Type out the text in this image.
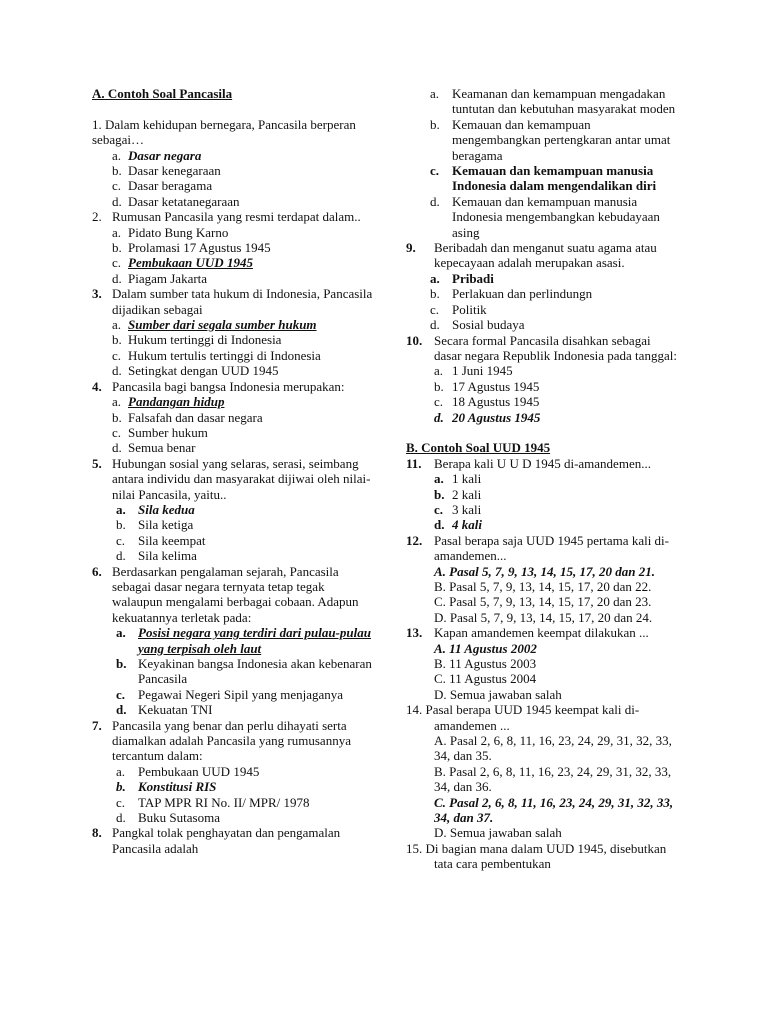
A. Contoh Soal Pancasila
1. Dalam kehidupan bernegara, Pancasila berperan sebagai…
a. Dasar negara
b. Dasar kenegaraan
c. Dasar beragama
d. Dasar ketatanegaraan
2. Rumusan Pancasila yang resmi terdapat dalam..
a. Pidato Bung Karno
b. Prolamasi 17 Agustus 1945
c. Pembukaan UUD 1945
d. Piagam Jakarta
3. Dalam sumber tata hukum di Indonesia, Pancasila dijadikan sebagai
a. Sumber dari segala sumber hukum
b. Hukum tertinggi di Indonesia
c. Hukum tertulis tertinggi di Indonesia
d. Setingkat dengan UUD 1945
4. Pancasila bagi bangsa Indonesia merupakan:
a. Pandangan hidup
b. Falsafah dan dasar negara
c. Sumber hukum
d. Semua benar
5. Hubungan sosial yang selaras, serasi, seimbang antara individu dan masyarakat dijiwai oleh nilai-nilai Pancasila, yaitu..
a. Sila kedua
b. Sila ketiga
c. Sila keempat
d. Sila kelima
6. Berdasarkan pengalaman sejarah, Pancasila sebagai dasar negara ternyata tetap tegak walaupun mengalami berbagai cobaan. Adapun kekuatannya terletak pada:
a. Posisi negara yang terdiri dari pulau-pulau yang terpisah oleh laut
b. Keyakinan bangsa Indonesia akan kebenaran Pancasila
c. Pegawai Negeri Sipil yang menjaganya
d. Kekuatan TNI
7. Pancasila yang benar dan perlu dihayati serta diamalkan adalah Pancasila yang rumusannya tercantum dalam:
a. Pembukaan UUD 1945
b. Konstitusi RIS
c. TAP MPR RI No. II/ MPR/ 1978
d. Buku Sutasoma
8. Pangkal tolak penghayatan dan pengamalan Pancasila adalah
a. Keamanan dan kemampuan mengadakan tuntutan dan kebutuhan masyarakat moden
b. Kemauan dan kemampuan mengembangkan pertengkaran antar umat beragama
c. Kemauan dan kemampuan manusia Indonesia dalam mengendalikan diri
d. Kemauan dan kemampuan manusia Indonesia mengembangkan kebudayaan asing
9.	Beribadah dan menganut suatu agama atau kepecayaan adalah merupakan asasi.
a. Pribadi
b. Perlakuan dan perlindungn
c. Politik
d. Sosial budaya
10. Secara formal Pancasila disahkan sebagai dasar negara Republik Indonesia pada tanggal:
a. 1 Juni 1945
b. 17 Agustus 1945
c. 18 Agustus 1945
d. 20 Agustus 1945
B. Contoh Soal UUD 1945
11. Berapa kali U U D 1945 di-amandemen...
a. 1 kali
b. 2 kali
c. 3 kali
d. 4 kali
12. Pasal berapa saja UUD 1945 pertama kali di-amandemen...
A. Pasal 5, 7, 9, 13, 14, 15, 17, 20 dan 21.
B. Pasal 5, 7, 9, 13, 14, 15, 17, 20 dan 22.
C. Pasal 5, 7, 9, 13, 14, 15, 17, 20 dan 23.
D. Pasal 5, 7, 9, 13, 14, 15, 17, 20 dan 24.
13. Kapan amandemen keempat dilakukan ...
A. 11 Agustus 2002
B. 11 Agustus 2003
C. 11 Agustus 2004
D. Semua jawaban salah
14. Pasal berapa UUD 1945 keempat kali di-amandemen ...
A. Pasal 2, 6, 8, 11, 16, 23, 24, 29, 31, 32, 33, 34, dan 35.
B. Pasal 2, 6, 8, 11, 16, 23, 24, 29, 31, 32, 33, 34, dan 36.
C. Pasal 2, 6, 8, 11, 16, 23, 24, 29, 31, 32, 33, 34, dan 37.
D. Semua jawaban salah
15. Di bagian mana dalam UUD 1945, disebutkan tata cara pembentukan
